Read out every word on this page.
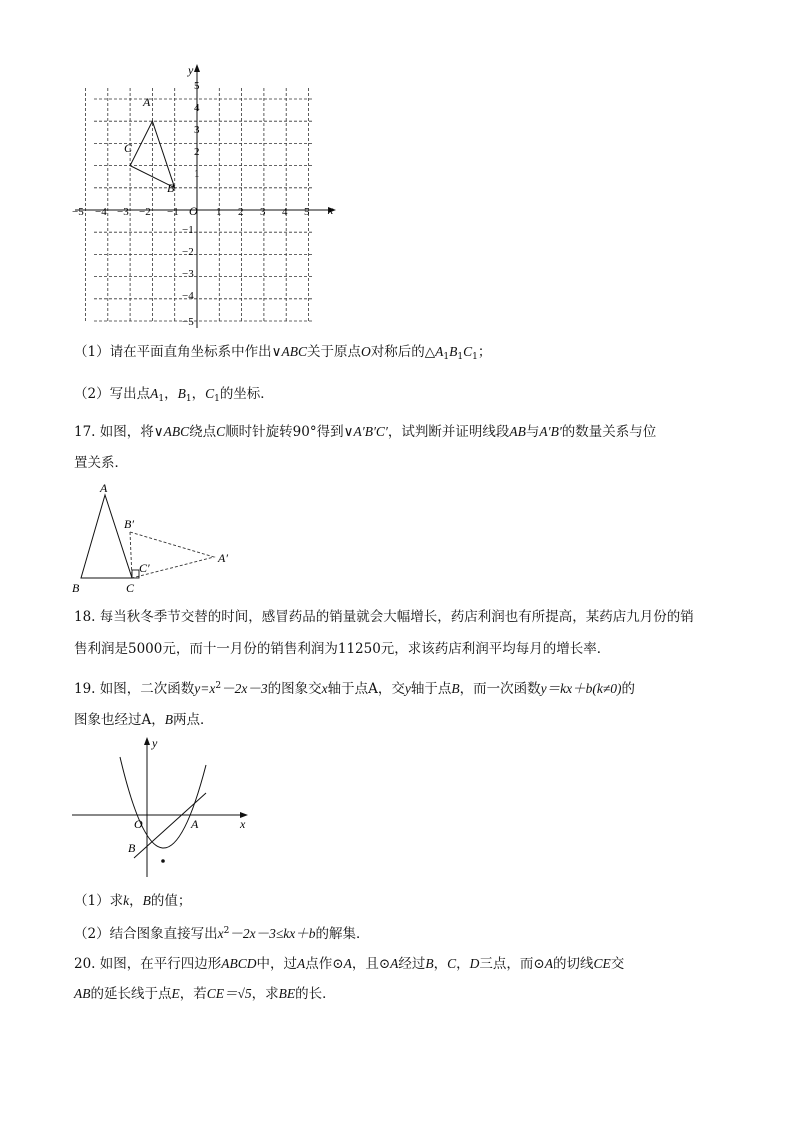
x
y
O
−5 −4 −3 −2 −1	1 2 3 4 5
5
4
3
2
1
−1
−2
−3
−4
−5
A
B
C

（1）请在平面直角坐标系中作出∨ABC关于原点O对称后的$\triangle A_1B_1C_1$；

（2）写出点$A_1$，$B_1$，$C_1$的坐标．

17. 如图，将∨ABC绕点C顺时针旋转90°得到∨A′B′C′，试判断并证明线段AB与A′B′的数量关系与位

置关系．

A
B	C
B′
C′
A′

18. 每当秋冬季节交替的时间，感冒药品的销量就会大幅增长，药店利润也有所提高，某药店九月份的销

售利润是5000元，而十一月份的销售利润为11250元，求该药店利润平均每月的增长率．

19. 如图，二次函数$y=x^2-2x-3$的图象交x轴于点A，交y轴于点B，而一次函数y＝kx＋b(k≠0)的

图象也经过A，B两点．

x
y
O	A
B

（1）求k，B的值；

（2）结合图象直接写出$x^2-2x-3\le kx+b$的解集．

20. 如图，在平行四边形ABCD中，过A点作⊙A，且⊙A经过B，C，D三点，而⊙A的切线CE交

AB的延长线于点E，若CE＝√5，求BE的长．
